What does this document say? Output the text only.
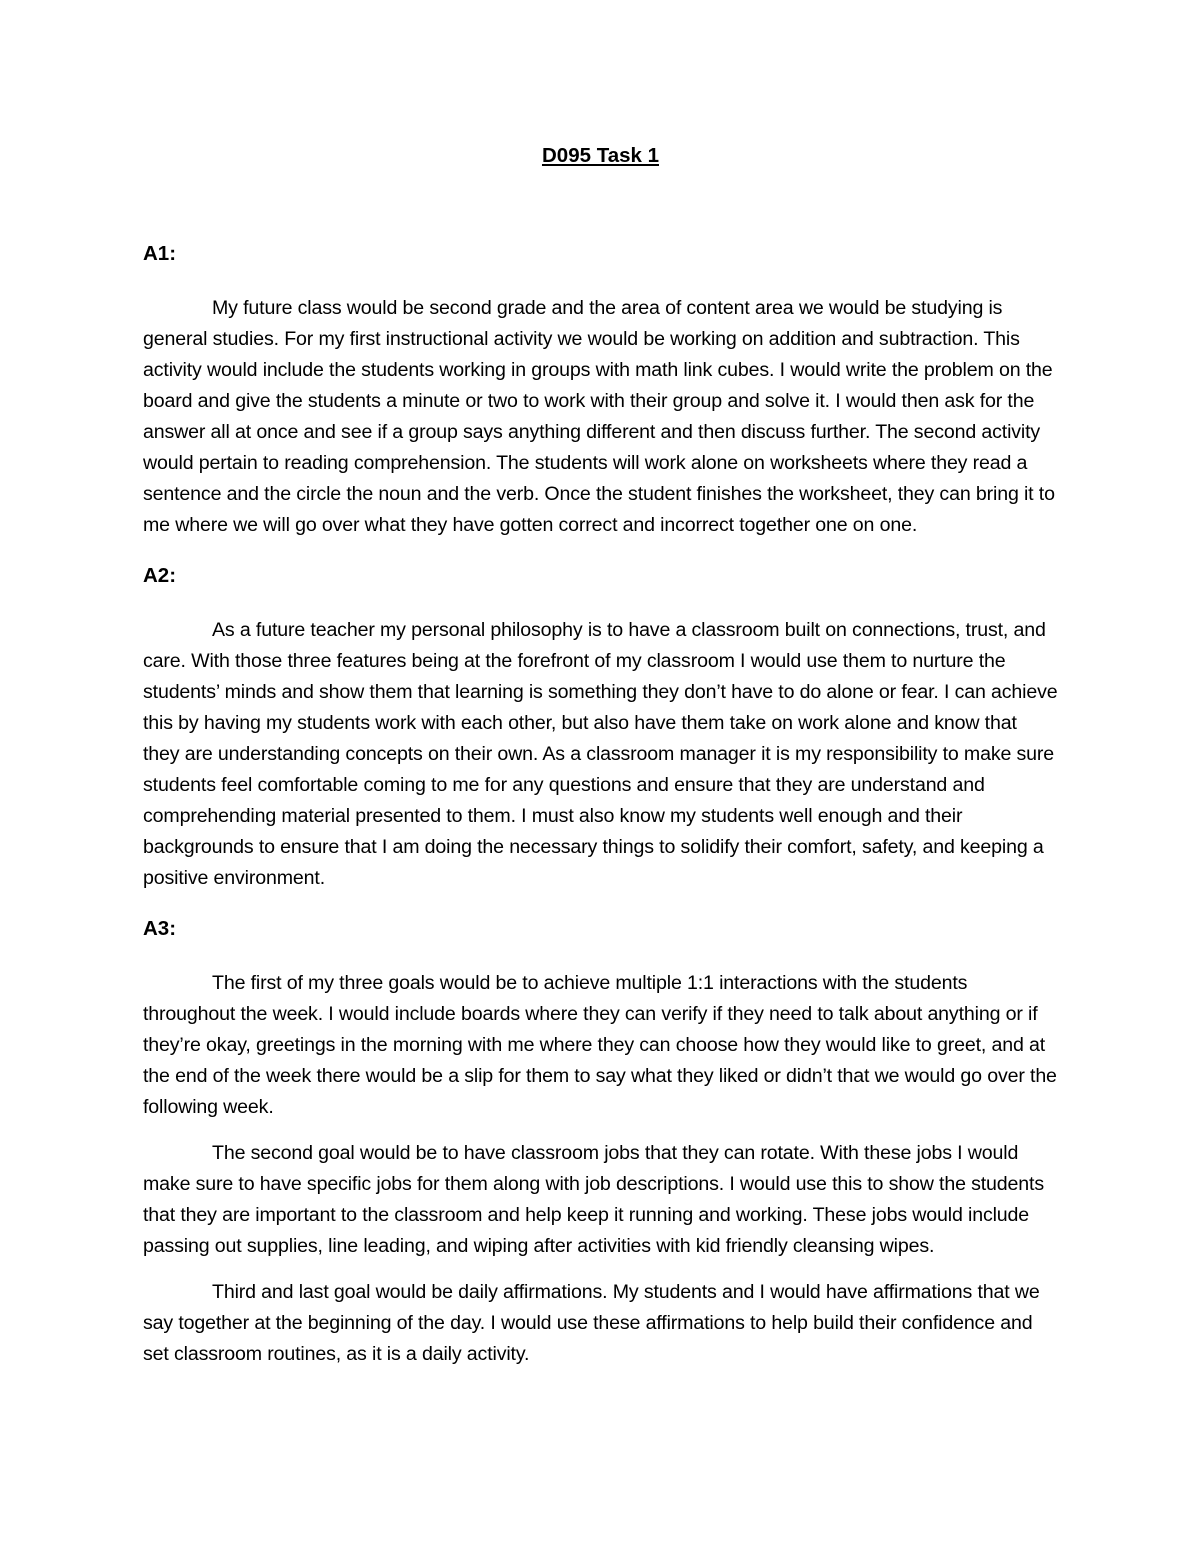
D095 Task 1
A1:

My future class would be second grade and the area of content area we would be studying is general studies. For my first instructional activity we would be working on addition and subtraction. This activity would include the students working in groups with math link cubes. I would write the problem on the board and give the students a minute or two to work with their group and solve it. I would then ask for the answer all at once and see if a group says anything different and then discuss further. The second activity would pertain to reading comprehension. The students will work alone on worksheets where they read a sentence and the circle the noun and the verb. Once the student finishes the worksheet, they can bring it to me where we will go over what they have gotten correct and incorrect together one on one.

A2:

As a future teacher my personal philosophy is to have a classroom built on connections, trust, and care. With those three features being at the forefront of my classroom I would use them to nurture the students’ minds and show them that learning is something they don’t have to do alone or fear. I can achieve this by having my students work with each other, but also have them take on work alone and know that they are understanding concepts on their own. As a classroom manager it is my responsibility to make sure students feel comfortable coming to me for any questions and ensure that they are understand and comprehending material presented to them. I must also know my students well enough and their backgrounds to ensure that I am doing the necessary things to solidify their comfort, safety, and keeping a positive environment.

A3:

The first of my three goals would be to achieve multiple 1:1 interactions with the students throughout the week. I would include boards where they can verify if they need to talk about anything or if they’re okay, greetings in the morning with me where they can choose how they would like to greet, and at the end of the week there would be a slip for them to say what they liked or didn’t that we would go over the following week.

The second goal would be to have classroom jobs that they can rotate. With these jobs I would make sure to have specific jobs for them along with job descriptions. I would use this to show the students that they are important to the classroom and help keep it running and working. These jobs would include passing out supplies, line leading, and wiping after activities with kid friendly cleansing wipes.

Third and last goal would be daily affirmations. My students and I would have affirmations that we say together at the beginning of the day. I would use these affirmations to help build their confidence and set classroom routines, as it is a daily activity.
